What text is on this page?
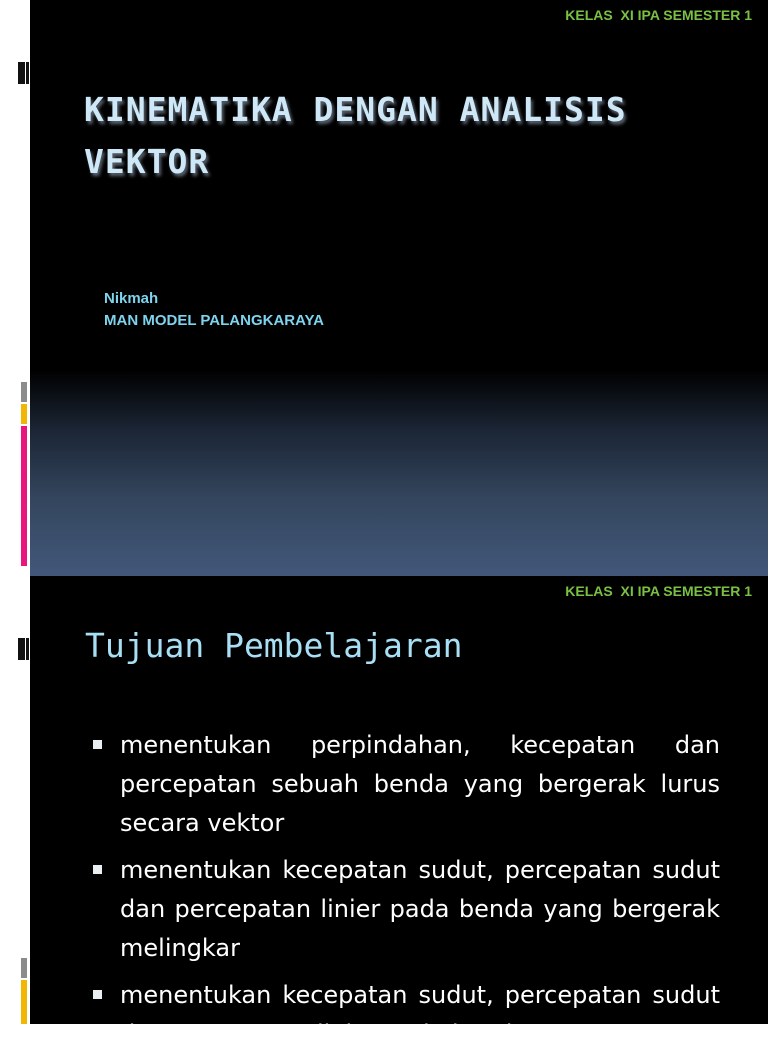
KELAS  XI IPA SEMESTER 1
KINEMATIKA DENGAN ANALISIS VEKTOR
Nikmah
MAN MODEL PALANGKARAYA
KELAS  XI IPA SEMESTER 1
Tujuan Pembelajaran
menentukan perpindahan, kecepatan dan percepatan sebuah benda yang bergerak lurus secara vektor
menentukan kecepatan sudut, percepatan sudut dan percepatan linier pada benda yang bergerak melingkar
menentukan kecepatan sudut, percepatan sudut dan percepatan linier pada benda yang
